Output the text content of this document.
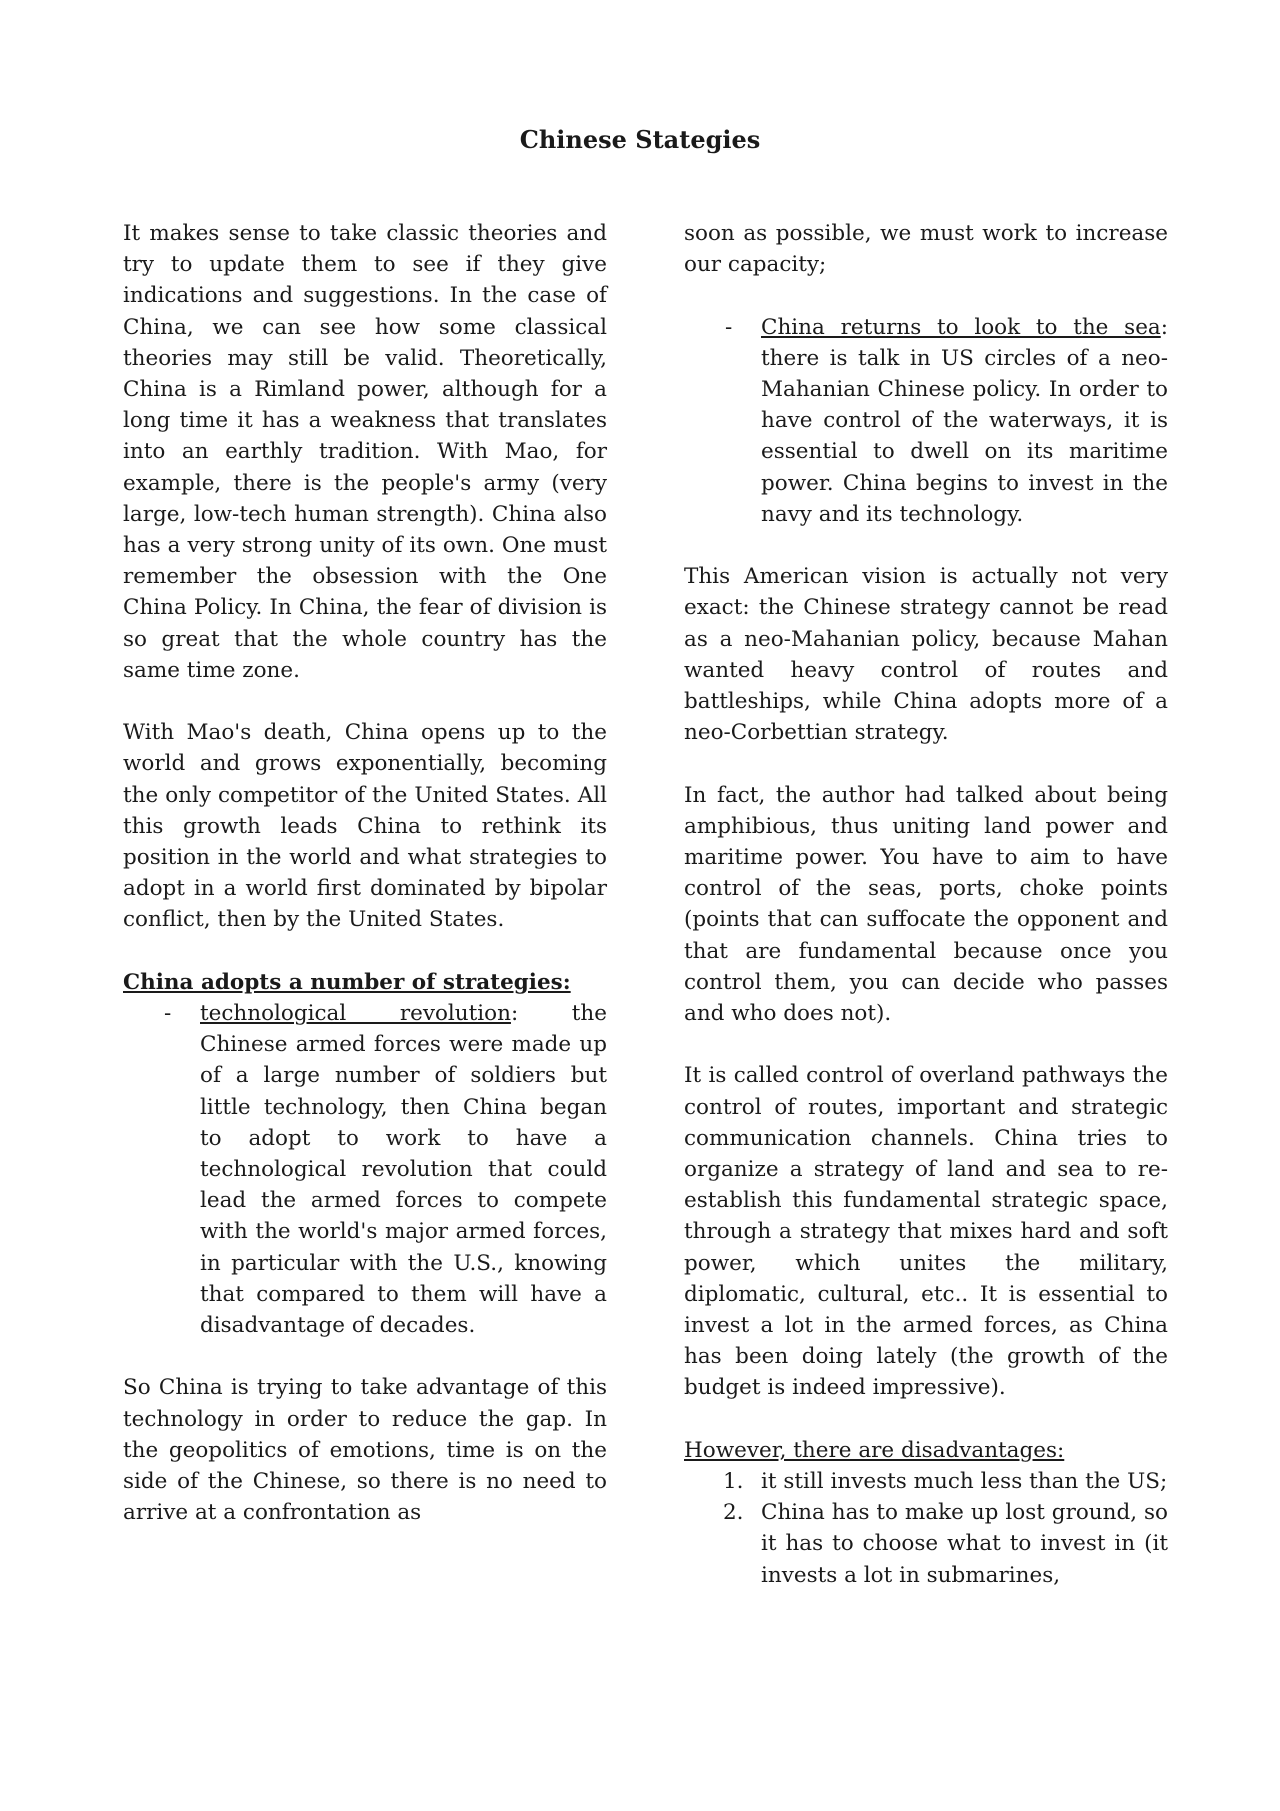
Chinese Stategies

It makes sense to take classic theories and try to update them to see if they give indications and suggestions. In the case of China, we can see how some classical theories may still be valid. Theoretically, China is a Rimland power, although for a long time it has a weakness that translates into an earthly tradition. With Mao, for example, there is the people's army (very large, low-tech human strength). China also has a very strong unity of its own. One must remember the obsession with the One China Policy. In China, the fear of division is so great that the whole country has the same time zone.

With Mao's death, China opens up to the world and grows exponentially, becoming the only competitor of the United States. All this growth leads China to rethink its position in the world and what strategies to adopt in a world first dominated by bipolar conflict, then by the United States.

China adopts a number of strategies:
- technological revolution: the Chinese armed forces were made up of a large number of soldiers but little technology, then China began to adopt to work to have a technological revolution that could lead the armed forces to compete with the world's major armed forces, in particular with the U.S., knowing that compared to them will have a disadvantage of decades.

So China is trying to take advantage of this technology in order to reduce the gap. In the geopolitics of emotions, time is on the side of the Chinese, so there is no need to arrive at a confrontation as

soon as possible, we must work to increase our capacity;

- China returns to look to the sea: there is talk in US circles of a neo-Mahanian Chinese policy. In order to have control of the waterways, it is essential to dwell on its maritime power. China begins to invest in the navy and its technology.

This American vision is actually not very exact: the Chinese strategy cannot be read as a neo-Mahanian policy, because Mahan wanted heavy control of routes and battleships, while China adopts more of a neo-Corbettian strategy.

In fact, the author had talked about being amphibious, thus uniting land power and maritime power. You have to aim to have control of the seas, ports, choke points (points that can suffocate the opponent and that are fundamental because once you control them, you can decide who passes and who does not).

It is called control of overland pathways the control of routes, important and strategic communication channels. China tries to organize a strategy of land and sea to re-establish this fundamental strategic space, through a strategy that mixes hard and soft power, which unites the military, diplomatic, cultural, etc.. It is essential to invest a lot in the armed forces, as China has been doing lately (the growth of the budget is indeed impressive).

However, there are disadvantages:
1. it still invests much less than the US;
2. China has to make up lost ground, so it has to choose what to invest in (it invests a lot in submarines,
